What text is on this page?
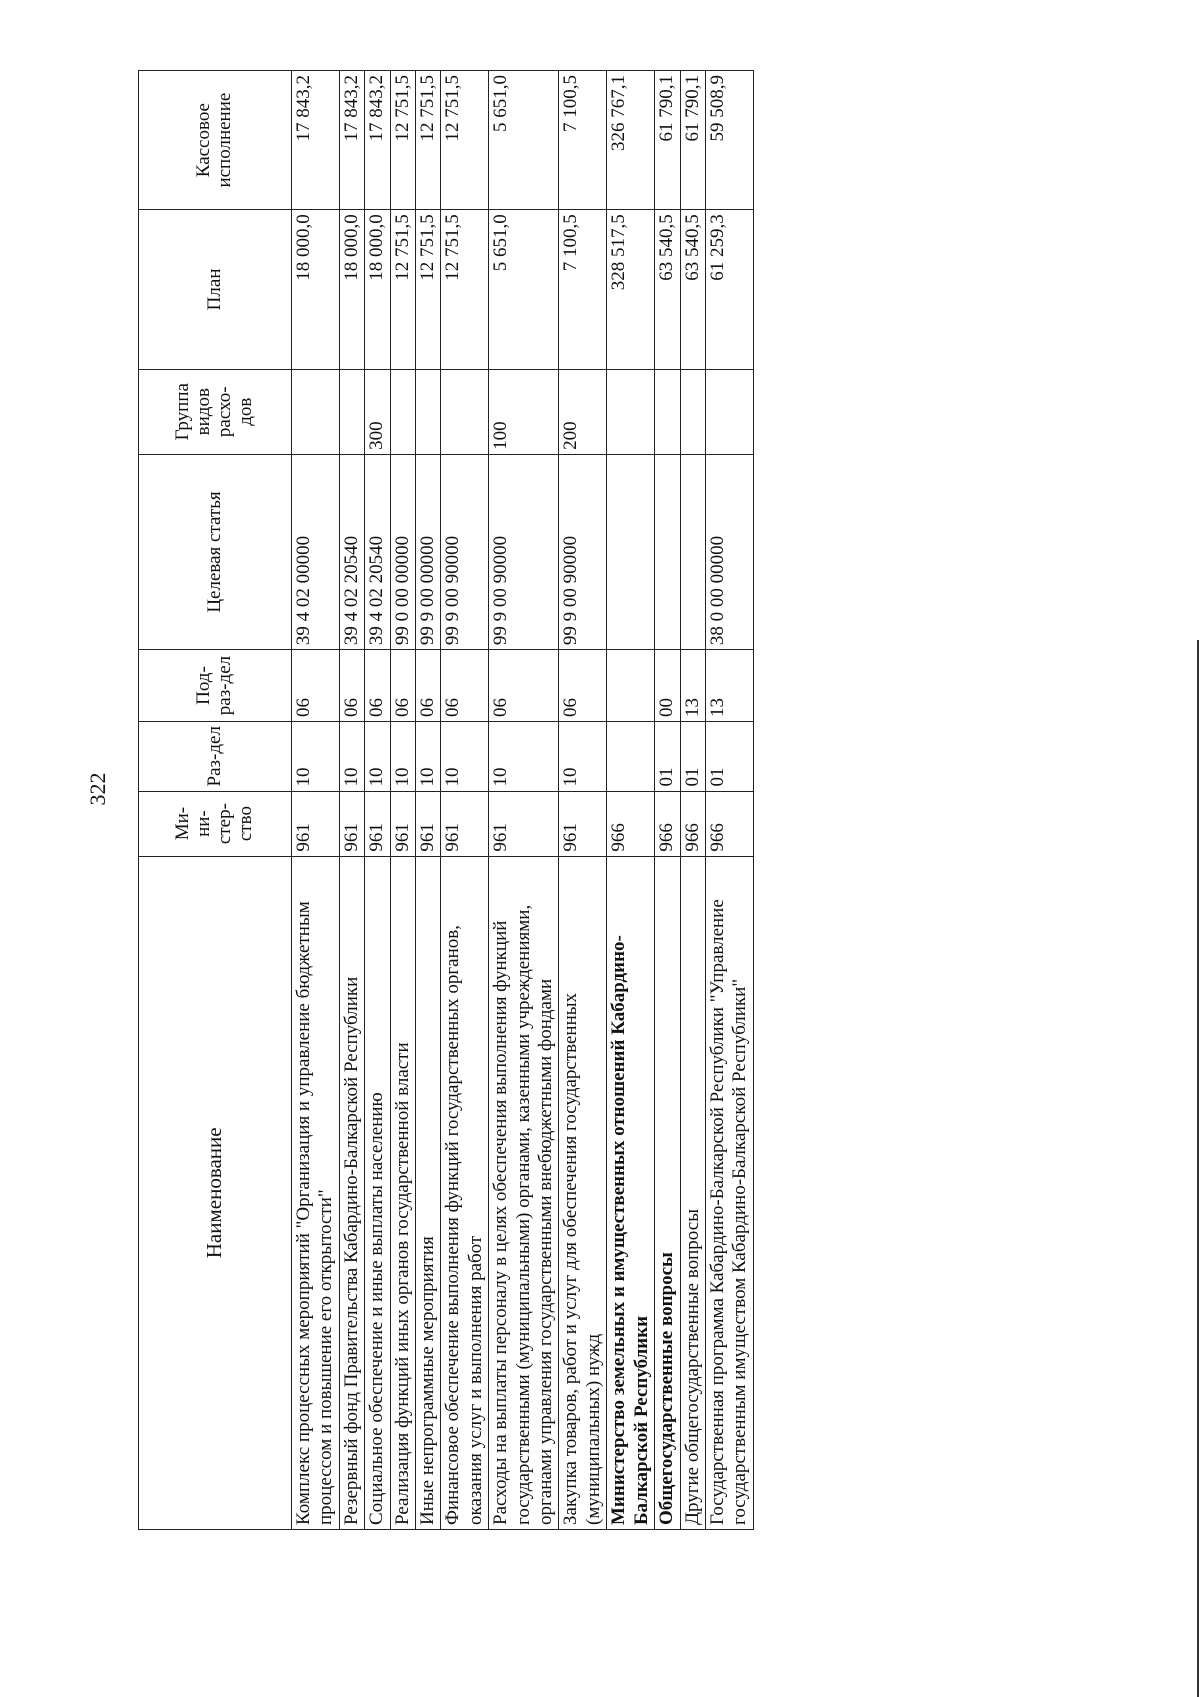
322
Наименование	Ми-ни-стер-ство	Раз-дел	Под-раз-дел	Целевая статья	Группа видов расхо-дов	План	Кассовое исполнение
Комплекс процессных мероприятий "Организация и управление бюджетным процессом и повышение его открытости"	961	10	06	39 4 02 00000		18 000,0	17 843,2
Резервный фонд Правительства Кабардино-Балкарской Республики	961	10	06	39 4 02 20540		18 000,0	17 843,2
Социальное обеспечение и иные выплаты населению	961	10	06	39 4 02 20540	300	18 000,0	17 843,2
Реализация функций иных органов государственной власти	961	10	06	99 0 00 00000		12 751,5	12 751,5
Иные непрограммные мероприятия	961	10	06	99 9 00 00000		12 751,5	12 751,5
Финансовое обеспечение выполнения функций государственных органов, оказания услуг и выполнения работ	961	10	06	99 9 00 90000		12 751,5	12 751,5
Расходы на выплаты персоналу в целях обеспечения выполнения функций государственными (муниципальными) органами, казенными учреждениями, органами управления государственными внебюджетными фондами	961	10	06	99 9 00 90000	100	5 651,0	5 651,0
Закупка товаров, работ и услуг для обеспечения государственных (муниципальных) нужд	961	10	06	99 9 00 90000	200	7 100,5	7 100,5
Министерство земельных и имущественных отношений Кабардино-Балкарской Республики	966					328 517,5	326 767,1
Общегосударственные вопросы	966	01	00			63 540,5	61 790,1
Другие общегосударственные вопросы	966	01	13			63 540,5	61 790,1
Государственная программа Кабардино-Балкарской Республики "Управление государственным имуществом Кабардино-Балкарской Республики"	966	01	13	38 0 00 00000		61 259,3	59 508,9
